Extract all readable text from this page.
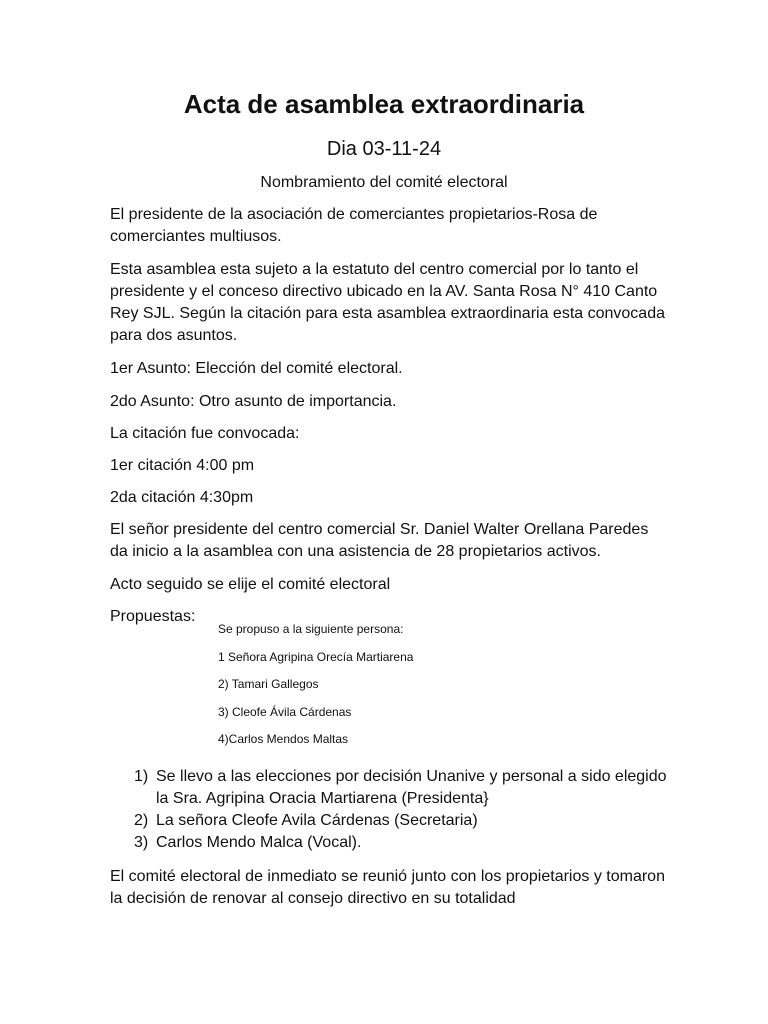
Acta de asamblea extraordinaria

Dia 03-11-24

Nombramiento del comité electoral

El presidente de la asociación de comerciantes propietarios-Rosa de comerciantes multiusos.

Esta asamblea esta sujeto a la estatuto del centro comercial por lo tanto el presidente y el conceso directivo ubicado en la AV. Santa Rosa N° 410 Canto Rey SJL. Según la citación para esta asamblea extraordinaria esta convocada para dos asuntos.

1er Asunto: Elección del comité electoral.

2do Asunto: Otro asunto de importancia.

La citación fue convocada:

1er citación 4:00 pm

2da citación 4:30pm

El señor presidente del centro comercial Sr. Daniel Walter Orellana Paredes da inicio a la asamblea con una asistencia de 28 propietarios activos.

Acto seguido se elije el comité electoral

Propuestas:

Se propuso a la siguiente persona:
1 Señora Agripina Orecía Martiarena
2) Tamari Gallegos
3) Cleofe Ávila Cárdenas
4)Carlos Mendos Maltas
1) Se llevo a las elecciones por decisión Unanive y personal a sido elegido la Sra. Agripina Oracia Martiarena (Presidenta}
2) La señora Cleofe Avila Cárdenas (Secretaria)
3) Carlos Mendo Malca (Vocal).

El comité electoral de inmediato se reunió junto con los propietarios y tomaron la decisión de renovar al consejo directivo en su totalidad
